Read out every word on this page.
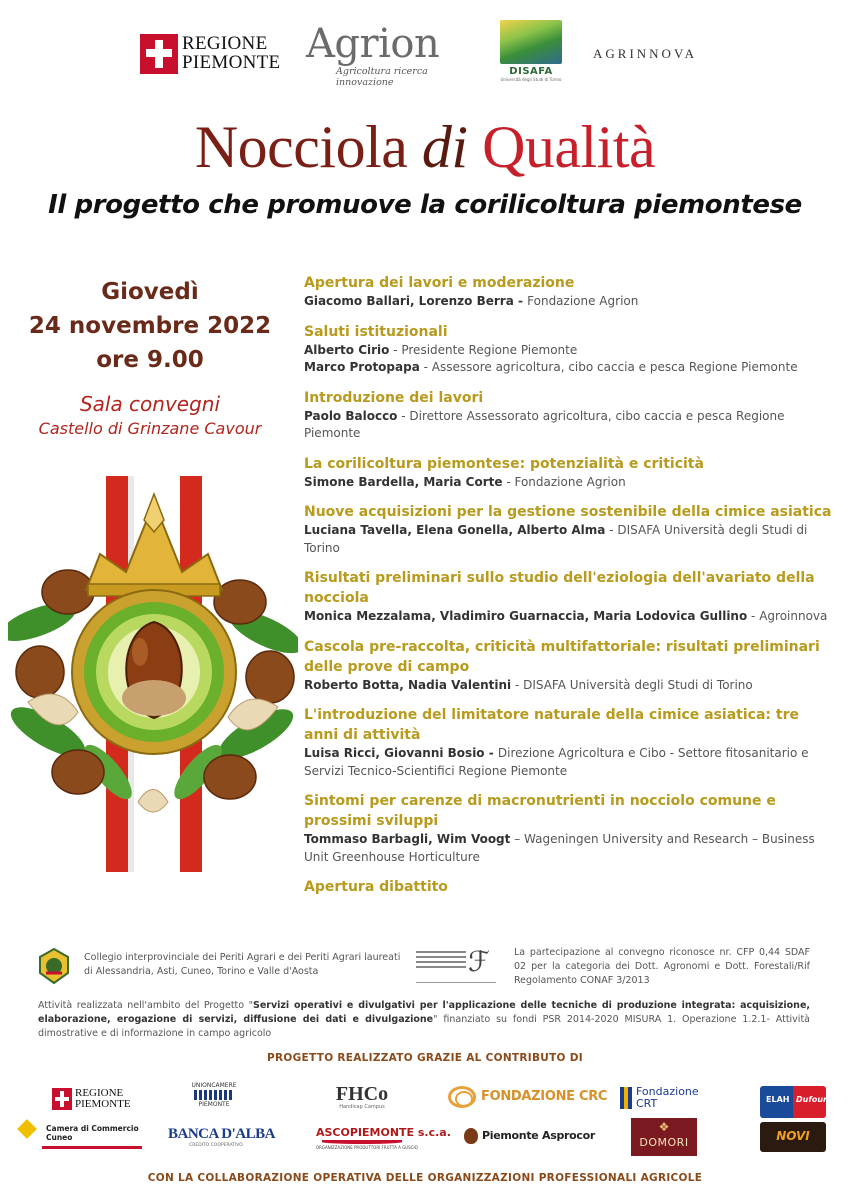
REGIONE
PIEMONTE Agrion
Agricoltura ricerca innovazione
DISAFA
Università degli Studi di Torino
AGRINNOVA
Nocciola di Qualità
Il progetto che promuove la corilicoltura piemontese
Giovedì
24 novembre 2022
ore 9.00
Sala convegni
Castello di Grinzane Cavour
Apertura dei lavori e moderazione
Giacomo Ballari, Lorenzo Berra - Fondazione Agrion
Saluti istituzionali
Alberto Cirio - Presidente Regione Piemonte
Marco Protopapa - Assessore agricoltura, cibo caccia e pesca Regione Piemonte
Introduzione dei lavori
Paolo Balocco - Direttore Assessorato agricoltura, cibo caccia e pesca Regione Piemonte
La corilicoltura piemontese: potenzialità e criticità
Simone Bardella, Maria Corte - Fondazione Agrion
Nuove acquisizioni per la gestione sostenibile della cimice asiatica
Luciana Tavella, Elena Gonella, Alberto Alma - DISAFA Università degli Studi di Torino
Risultati preliminari sullo studio dell'eziologia dell'avariato della nocciola
Monica Mezzalama, Vladimiro Guarnaccia, Maria Lodovica Gullino - Agroinnova
Cascola pre-raccolta, criticità multifattoriale: risultati preliminari delle prove di campo
Roberto Botta, Nadia Valentini - DISAFA Università degli Studi di Torino
L'introduzione del limitatore naturale della cimice asiatica: tre anni di attività
Luisa Ricci, Giovanni Bosio - Direzione Agricoltura e Cibo - Settore fitosanitario e Servizi Tecnico-Scientifici Regione Piemonte
Sintomi per carenze di macronutrienti in nocciolo comune e prossimi sviluppi
Tommaso Barbagli, Wim Voogt – Wageningen University and Research – Business Unit Greenhouse Horticulture
Apertura dibattito
Collegio interprovinciale dei Periti Agrari e dei Periti Agrari laureati di Alessandria, Asti, Cuneo, Torino e Valle d'Aosta	ℱ	La partecipazione al convegno riconosce nr. CFP 0,44 SDAF 02 per la categoria dei Dott. Agronomi e Dott. Forestali/Rif Regolamento CONAF 3/2013
Attività realizzata nell'ambito del Progetto "Servizi operativi e divulgativi per l'applicazione delle tecniche di produzione integrata: acquisizione, elaborazione, erogazione di servizi, diffusione dei dati e divulgazione" finanziato su fondi PSR 2014-2020 MISURA 1. Operazione 1.2.1- Attività dimostrative e di informazione in campo agricolo
PROGETTO REALIZZATO GRAZIE AL CONTRIBUTO DI
REGIONE
PIEMONTE
UNIONCAMERE
PIEMONTE	FHCo
Handicap Campus
FONDAZIONE CRC	Fondazione
CRT	ELAH Dufour
NOVI
Camera di Commercio
Cuneo	BANCA D'ALBA
CREDITO COOPERATIVO
ASCOPIEMONTE s.c.a.
ORGANIZZAZIONE PRODUTTORI FRUTTA A GUSCIO
Piemonte Asprocor
❖
DOMORI
CON LA COLLABORAZIONE OPERATIVA DELLE ORGANIZZAZIONI PROFESSIONALI AGRICOLE
